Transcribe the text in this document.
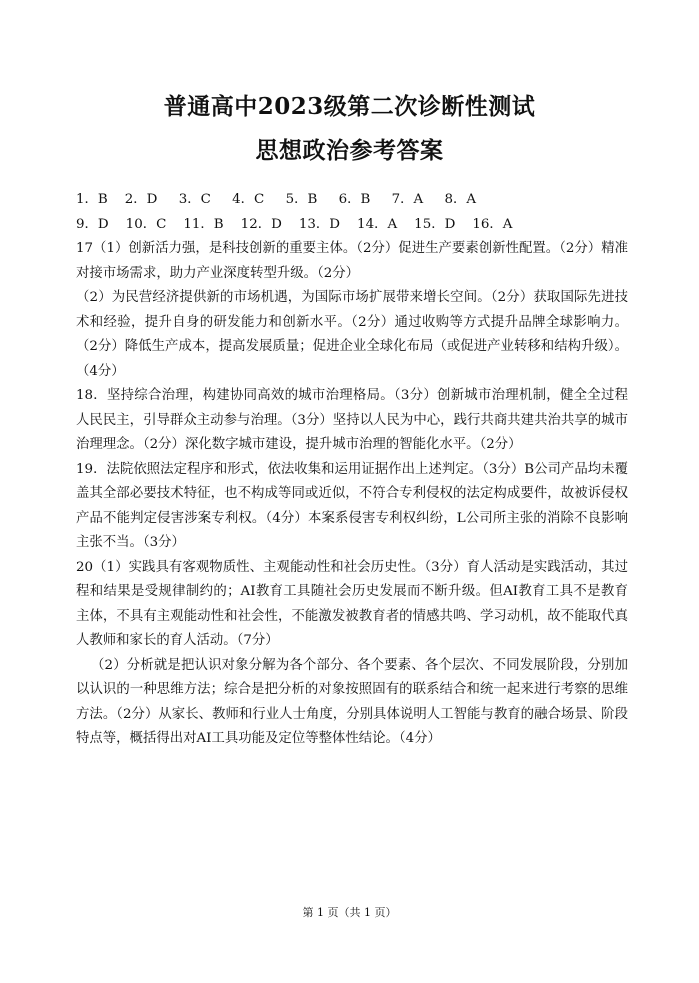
普通高中2023级第二次诊断性测试
思想政治参考答案
1．B    2．D     3．C     4．C     5．B     6．B     7．A     8．A
9．D    10．C    11．B    12．D    13．D    14．A    15．D    16．A

17（1）创新活力强，是科技创新的重要主体。（2分）促进生产要素创新性配置。（2分）精准对接市场需求，助力产业深度转型升级。（2分）

（2）为民营经济提供新的市场机遇，为国际市场扩展带来增长空间。（2分）获取国际先进技术和经验，提升自身的研发能力和创新水平。（2分）通过收购等方式提升品牌全球影响力。（2分）降低生产成本，提高发展质量；促进企业全球化布局（或促进产业转移和结构升级）。（4分）

18．坚持综合治理，构建协同高效的城市治理格局。（3分）创新城市治理机制，健全全过程人民民主，引导群众主动参与治理。（3分）坚持以人民为中心，践行共商共建共治共享的城市治理理念。（2分）深化数字城市建设，提升城市治理的智能化水平。（2分）

19．法院依照法定程序和形式，依法收集和运用证据作出上述判定。（3分）B公司产品均未覆盖其全部必要技术特征，也不构成等同或近似，不符合专利侵权的法定构成要件，故被诉侵权产品不能判定侵害涉案专利权。（4分）本案系侵害专利权纠纷，L公司所主张的消除不良影响主张不当。（3分）

20（1）实践具有客观物质性、主观能动性和社会历史性。（3分）育人活动是实践活动，其过程和结果是受规律制约的；AI教育工具随社会历史发展而不断升级。但AI教育工具不是教育主体，不具有主观能动性和社会性，不能激发被教育者的情感共鸣、学习动机，故不能取代真人教师和家长的育人活动。（7分）

（2）分析就是把认识对象分解为各个部分、各个要素、各个层次、不同发展阶段，分别加以认识的一种思维方法；综合是把分析的对象按照固有的联系结合和统一起来进行考察的思维方法。（2分）从家长、教师和行业人士角度，分别具体说明人工智能与教育的融合场景、阶段特点等，概括得出对AI工具功能及定位等整体性结论。（4分）

第 1 页（共 1 页）
